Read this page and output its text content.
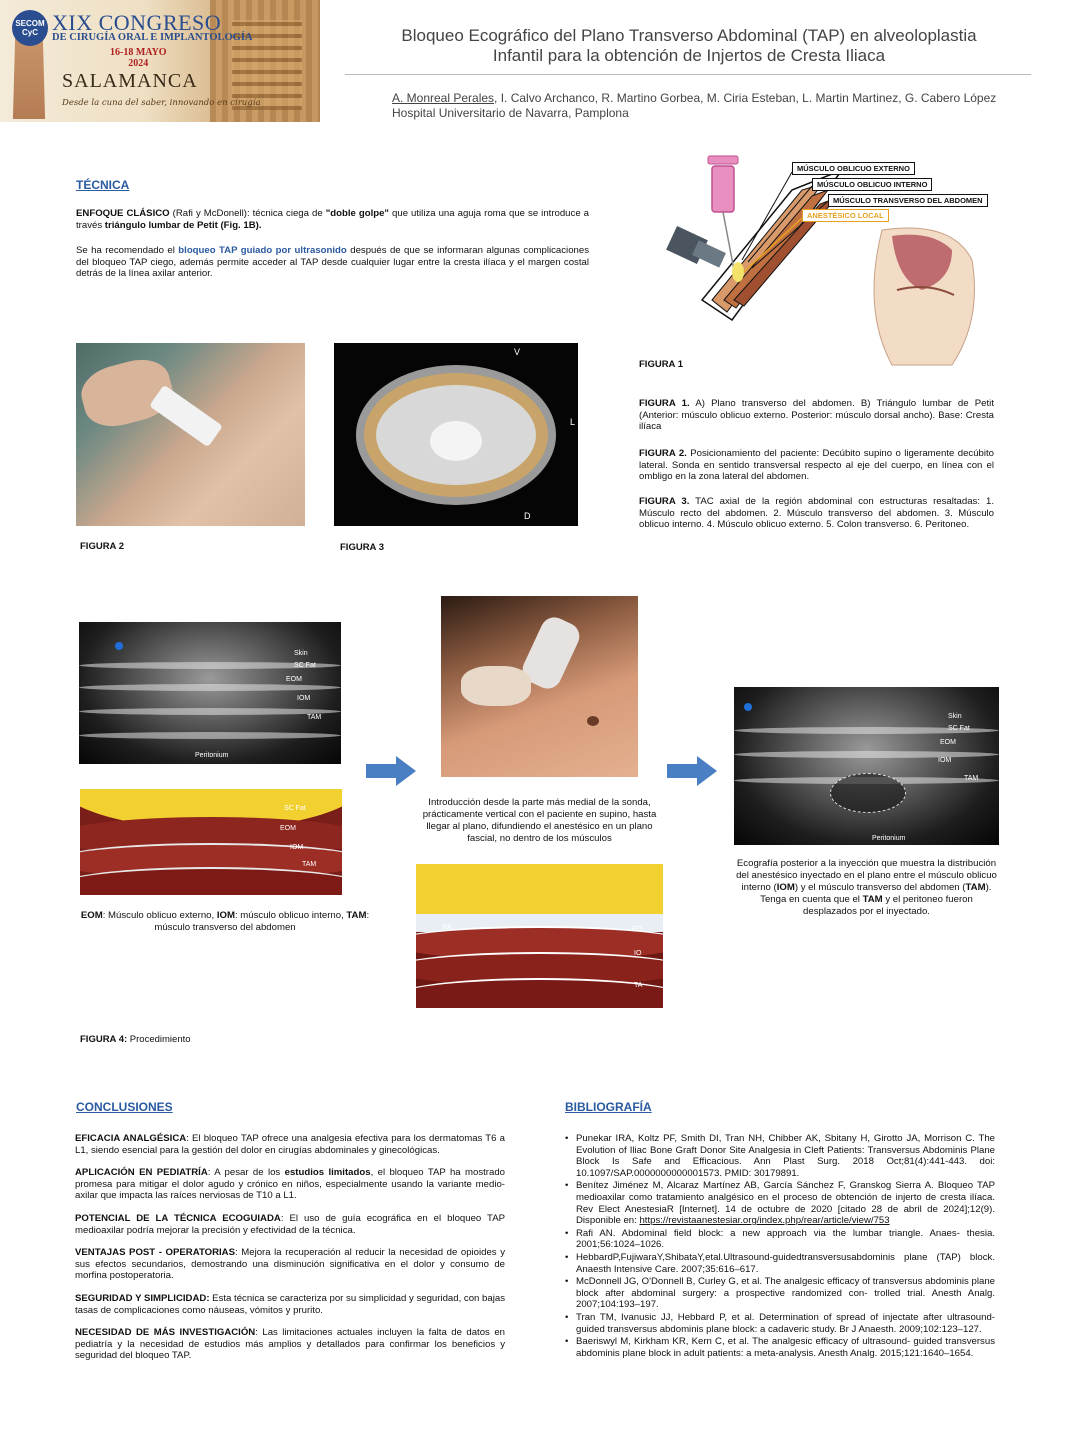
SECOM CyC XIX CONGRESO
DE CIRUGÍA ORAL E IMPLANTOLOGÍA
16-18 MAYO
2024
SALAMANCA
Desde la cuna del saber, innovando en cirugía
Bloqueo Ecográfico del Plano Transverso Abdominal (TAP) en alveoloplastia
Infantil para la obtención de Injertos de Cresta Iliaca
A. Monreal Perales, I. Calvo Archanco, R. Martino Gorbea, M. Ciria Esteban, L. Martin Martinez, G. Cabero López
Hospital Universitario de Navarra, Pamplona
TÉCNICA
ENFOQUE CLÁSICO (Rafi y McDonell): técnica ciega de "doble golpe" que utiliza una aguja roma que se introduce a través triángulo lumbar de Petit (Fig. 1B).
Se ha recomendado el bloqueo TAP guiado por ultrasonido después de que se informaran algunas complicaciones del bloqueo TAP ciego, además permite acceder al TAP desde cualquier lugar entre la cresta ilíaca y el margen costal detrás de la línea axilar anterior.
MÚSCULO OBLICUO EXTERNO
MÚSCULO OBLICUO INTERNO
MÚSCULO TRANSVERSO DEL ABDOMEN
ANESTÉSICO LOCAL
FIGURA 1
FIGURA 1. A) Plano transverso del abdomen. B) Triángulo lumbar de Petit (Anterior: músculo oblicuo externo. Posterior: músculo dorsal ancho). Base: Cresta ilíaca
FIGURA 2. Posicionamiento del paciente: Decúbito supino o ligeramente decúbito lateral. Sonda en sentido transversal respecto al eje del cuerpo, en línea con el ombligo en la zona lateral del abdomen.
FIGURA 3. TAC axial de la región abdominal con estructuras resaltadas: 1. Músculo recto del abdomen. 2. Músculo transverso del abdomen. 3. Músculo oblicuo interno. 4. Músculo oblicuo externo. 5. Colon transverso. 6. Peritoneo.
FIGURA 2
V
D
L
FIGURA 3
Skin
SC Fat
EOM
IOM
TAM
Peritonium
SC Fat
EOM
IOM
TAM
EOM: Músculo oblicuo externo, IOM: músculo oblicuo interno, TAM: músculo transverso del abdomen
Introducción desde la parte más medial de la sonda, prácticamente vertical con el paciente en supino, hasta llegar al plano, difundiendo el anestésico en un plano fascial, no dentro de los músculos
RA	EO
IO
TA
Skin
SC Fat
EOM
IOM
TAM
Peritonium
Ecografía posterior a la inyección que muestra la distribución del anestésico inyectado en el plano entre el músculo oblicuo interno (IOM) y el músculo transverso del abdomen (TAM). Tenga en cuenta que el TAM y el peritoneo fueron desplazados por el inyectado.
FIGURA 4: Procedimiento
CONCLUSIONES

EFICACIA ANALGÉSICA: El bloqueo TAP ofrece una analgesia efectiva para los dermatomas T6 a L1, siendo esencial para la gestión del dolor en cirugías abdominales y ginecológicas.

APLICACIÓN EN PEDIATRÍA: A pesar de los estudios limitados, el bloqueo TAP ha mostrado promesa para mitigar el dolor agudo y crónico en niños, especialmente usando la variante medio-axilar que impacta las raíces nerviosas de T10 a L1.

POTENCIAL DE LA TÉCNICA ECOGUIADA: El uso de guía ecográfica en el bloqueo TAP medioaxilar podría mejorar la precisión y efectividad de la técnica.

VENTAJAS POST - OPERATORIAS: Mejora la recuperación al reducir la necesidad de opioides y sus efectos secundarios, demostrando una disminución significativa en el dolor y consumo de morfina postoperatoria.

SEGURIDAD Y SIMPLICIDAD: Esta técnica se caracteriza por su simplicidad y seguridad, con bajas tasas de complicaciones como náuseas, vómitos y prurito.

NECESIDAD DE MÁS INVESTIGACIÓN: Las limitaciones actuales incluyen la falta de datos en pediatría y la necesidad de estudios más amplios y detallados para confirmar los beneficios y seguridad del bloqueo TAP.

BIBLIOGRAFÍA
• Punekar IRA, Koltz PF, Smith DI, Tran NH, Chibber AK, Sbitany H, Girotto JA, Morrison C. The Evolution of Iliac Bone Graft Donor Site Analgesia in Cleft Patients: Transversus Abdominis Plane Block Is Safe and Efficacious. Ann Plast Surg. 2018 Oct;81(4):441-443. doi: 10.1097/SAP.0000000000001573. PMID: 30179891.
• Benítez Jiménez M, Alcaraz Martínez AB, García Sánchez F, Granskog Sierra A. Bloqueo TAP medioaxilar como tratamiento analgésico en el proceso de obtención de injerto de cresta ilíaca. Rev Elect AnestesiaR [Internet]. 14 de octubre de 2020 [citado 28 de abril de 2024];12(9). Disponible en: https://revistaanestesiar.org/index.php/rear/article/view/753
• Rafi AN. Abdominal field block: a new approach via the lumbar triangle. Anaes- thesia. 2001;56:1024–1026.
• HebbardP,FujiwaraY,ShibataY,etal.Ultrasound-guidedtransversusabdominis plane (TAP) block. Anaesth Intensive Care. 2007;35:616–617.
• McDonnell JG, O'Donnell B, Curley G, et al. The analgesic efficacy of transversus abdominis plane block after abdominal surgery: a prospective randomized con- trolled trial. Anesth Analg. 2007;104:193–197.
• Tran TM, Ivanusic JJ, Hebbard P, et al. Determination of spread of injectate after ultrasound-guided transversus abdominis plane block: a cadaveric study. Br J Anaesth. 2009;102:123–127.
• Baeriswyl M, Kirkham KR, Kern C, et al. The analgesic efficacy of ultrasound- guided transversus abdominis plane block in adult patients: a meta-analysis. Anesth Analg. 2015;121:1640–1654.
